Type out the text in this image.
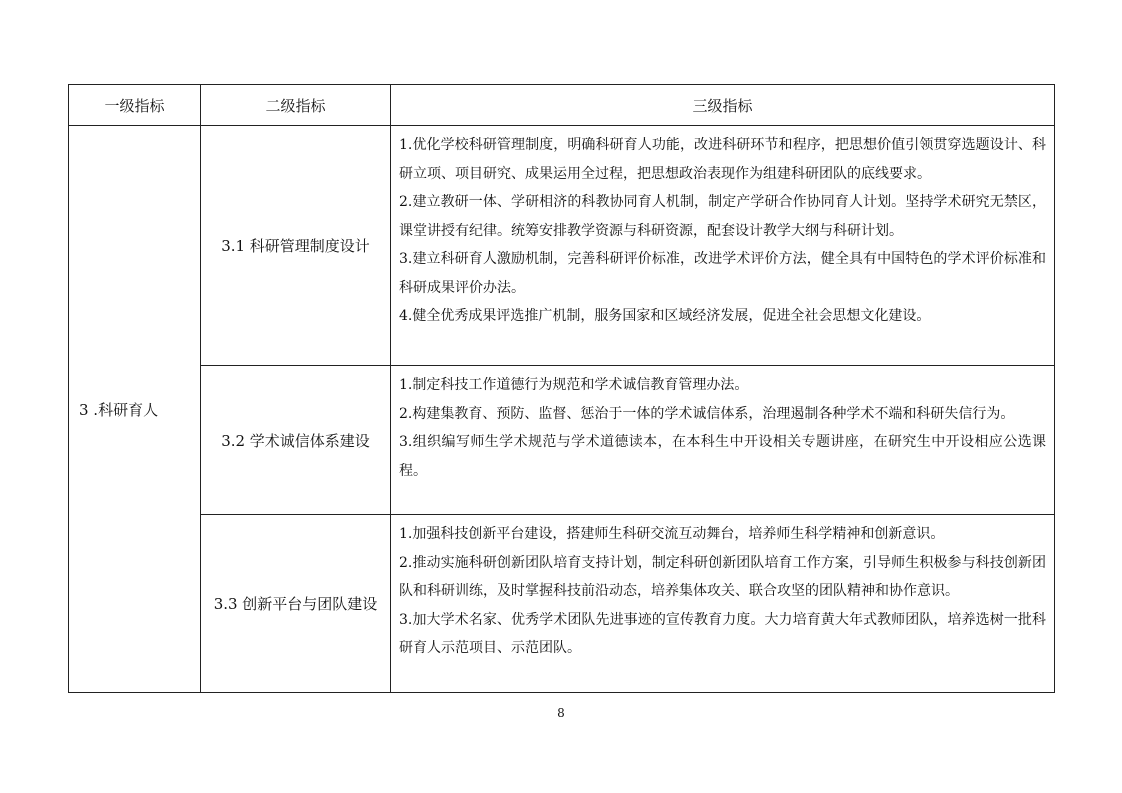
一级指标	二级指标	三级指标
3 .科研育人	3.1 科研管理制度设计	1.优化学校科研管理制度，明确科研育人功能，改进科研环节和程序，把思想价值引领贯穿选题设计、科研立项、项目研究、成果运用全过程，把思想政治表现作为组建科研团队的底线要求。
2.建立教研一体、学研相济的科教协同育人机制，制定产学研合作协同育人计划。坚持学术研究无禁区，课堂讲授有纪律。统筹安排教学资源与科研资源，配套设计教学大纲与科研计划。
3.建立科研育人激励机制，完善科研评价标准，改进学术评价方法，健全具有中国特色的学术评价标准和科研成果评价办法。
4.健全优秀成果评选推广机制，服务国家和区域经济发展，促进全社会思想文化建设。

	3.2 学术诚信体系建设	1.制定科技工作道德行为规范和学术诚信教育管理办法。
2.构建集教育、预防、监督、惩治于一体的学术诚信体系，治理遏制各种学术不端和科研失信行为。
3.组织编写师生学术规范与学术道德读本，在本科生中开设相关专题讲座，在研究生中开设相应公选课程。

	3.3 创新平台与团队建设	1.加强科技创新平台建设，搭建师生科研交流互动舞台，培养师生科学精神和创新意识。
2.推动实施科研创新团队培育支持计划，制定科研创新团队培育工作方案，引导师生积极参与科技创新团队和科研训练，及时掌握科技前沿动态，培养集体攻关、联合攻坚的团队精神和协作意识。
3.加大学术名家、优秀学术团队先进事迹的宣传教育力度。大力培育黄大年式教师团队，培养选树一批科研育人示范项目、示范团队。
8
